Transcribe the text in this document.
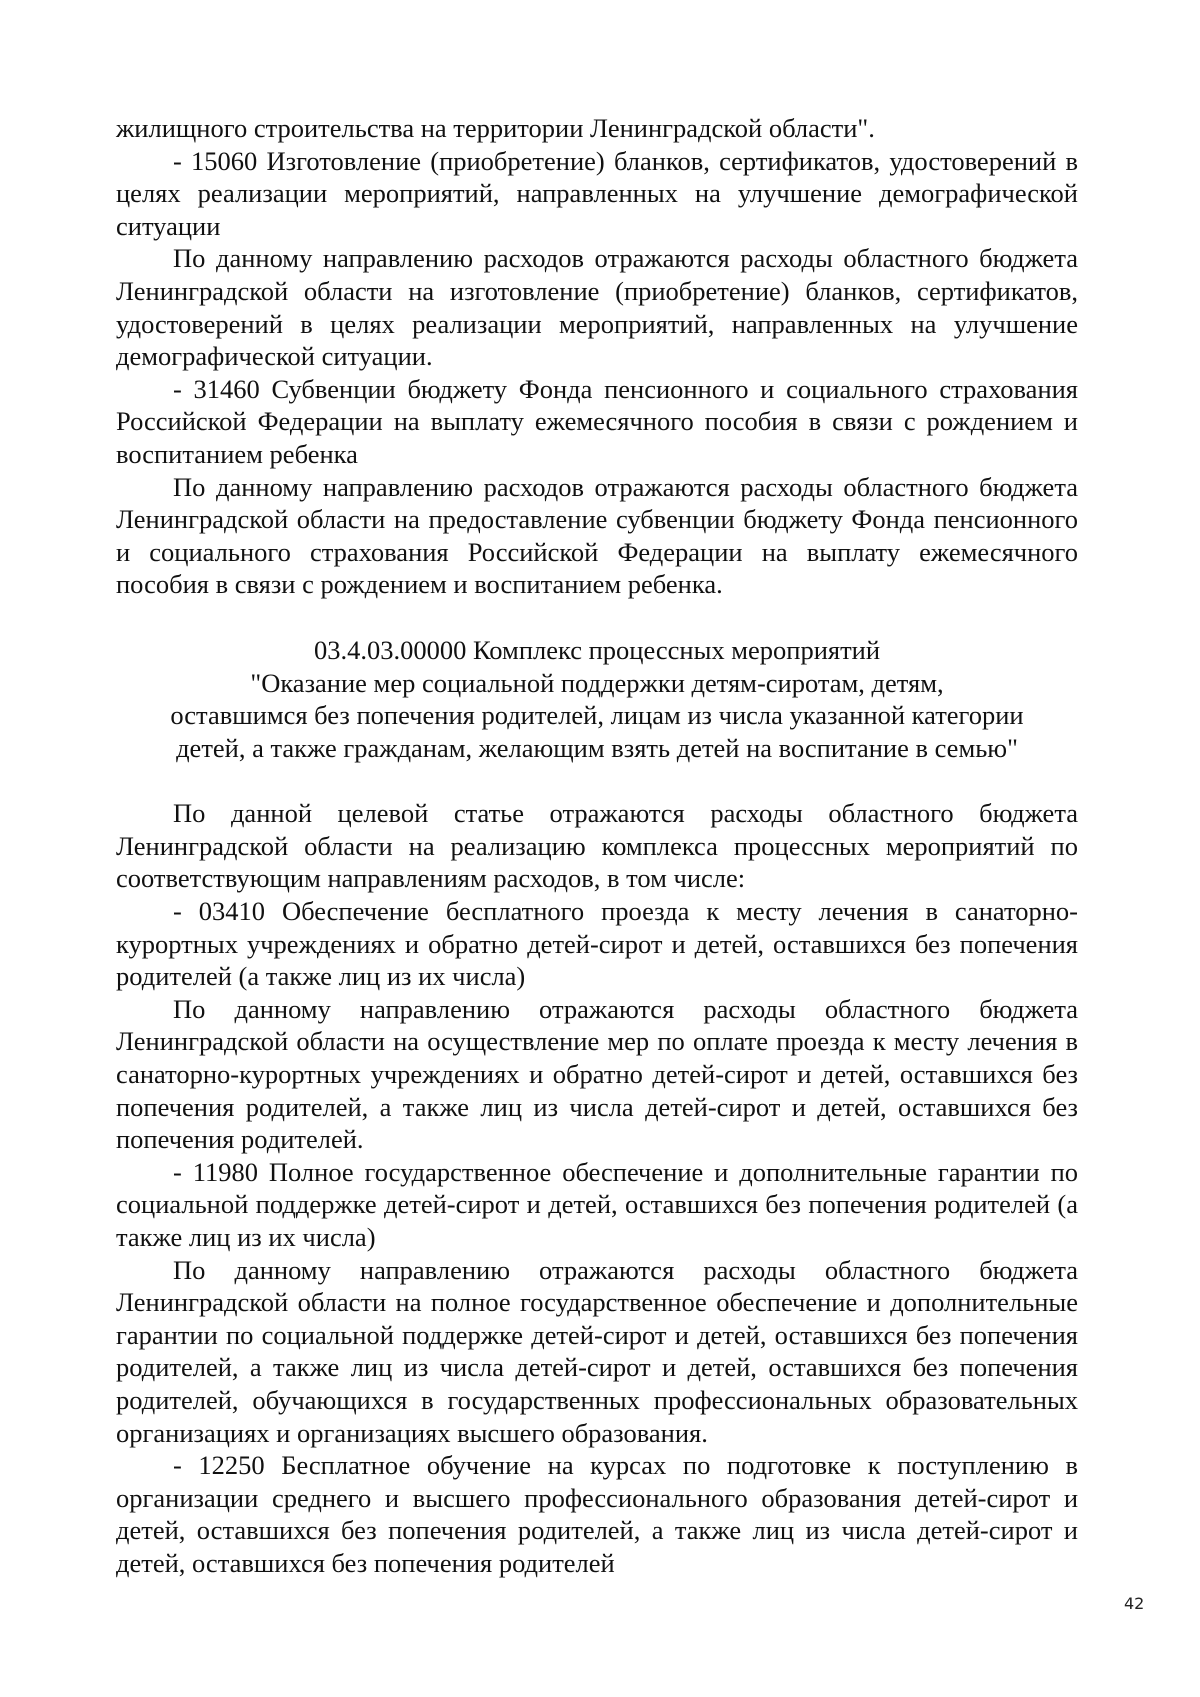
жилищного строительства на территории Ленинградской области".

- 15060 Изготовление (приобретение) бланков, сертификатов, удостоверений в целях реализации мероприятий, направленных на улучшение демографической ситуации

По данному направлению расходов отражаются расходы областного бюджета Ленинградской области на изготовление (приобретение) бланков, сертификатов, удостоверений в целях реализации мероприятий, направленных на улучшение демографической ситуации.

- 31460 Субвенции бюджету Фонда пенсионного и социального страхования Российской Федерации на выплату ежемесячного пособия в связи с рождением и воспитанием ребенка

По данному направлению расходов отражаются расходы областного бюджета Ленинградской области на предоставление субвенции бюджету Фонда пенсионного и социального страхования Российской Федерации на выплату ежемесячного пособия в связи с рождением и воспитанием ребенка.

03.4.03.00000 Комплекс процессных мероприятий
"Оказание мер социальной поддержки детям-сиротам, детям,
оставшимся без попечения родителей, лицам из числа указанной категории
детей, а также гражданам, желающим взять детей на воспитание в семью"

По данной целевой статье отражаются расходы областного бюджета Ленинградской области на реализацию комплекса процессных мероприятий по соответствующим направлениям расходов, в том числе:

- 03410 Обеспечение бесплатного проезда к месту лечения в санаторно-курортных учреждениях и обратно детей-сирот и детей, оставшихся без попечения родителей (а также лиц из их числа)

По данному направлению отражаются расходы областного бюджета Ленинградской области на осуществление мер по оплате проезда к месту лечения в санаторно-курортных учреждениях и обратно детей-сирот и детей, оставшихся без попечения родителей, а также лиц из числа детей-сирот и детей, оставшихся без попечения родителей.

- 11980 Полное государственное обеспечение и дополнительные гарантии по социальной поддержке детей-сирот и детей, оставшихся без попечения родителей (а также лиц из их числа)

По данному направлению отражаются расходы областного бюджета Ленинградской области на полное государственное обеспечение и дополнительные гарантии по социальной поддержке детей-сирот и детей, оставшихся без попечения родителей, а также лиц из числа детей-сирот и детей, оставшихся без попечения родителей, обучающихся в государственных профессиональных образовательных организациях и организациях высшего образования.

- 12250 Бесплатное обучение на курсах по подготовке к поступлению в организации среднего и высшего профессионального образования детей-сирот и детей, оставшихся без попечения родителей, а также лиц из числа детей-сирот и детей, оставшихся без попечения родителей

42
